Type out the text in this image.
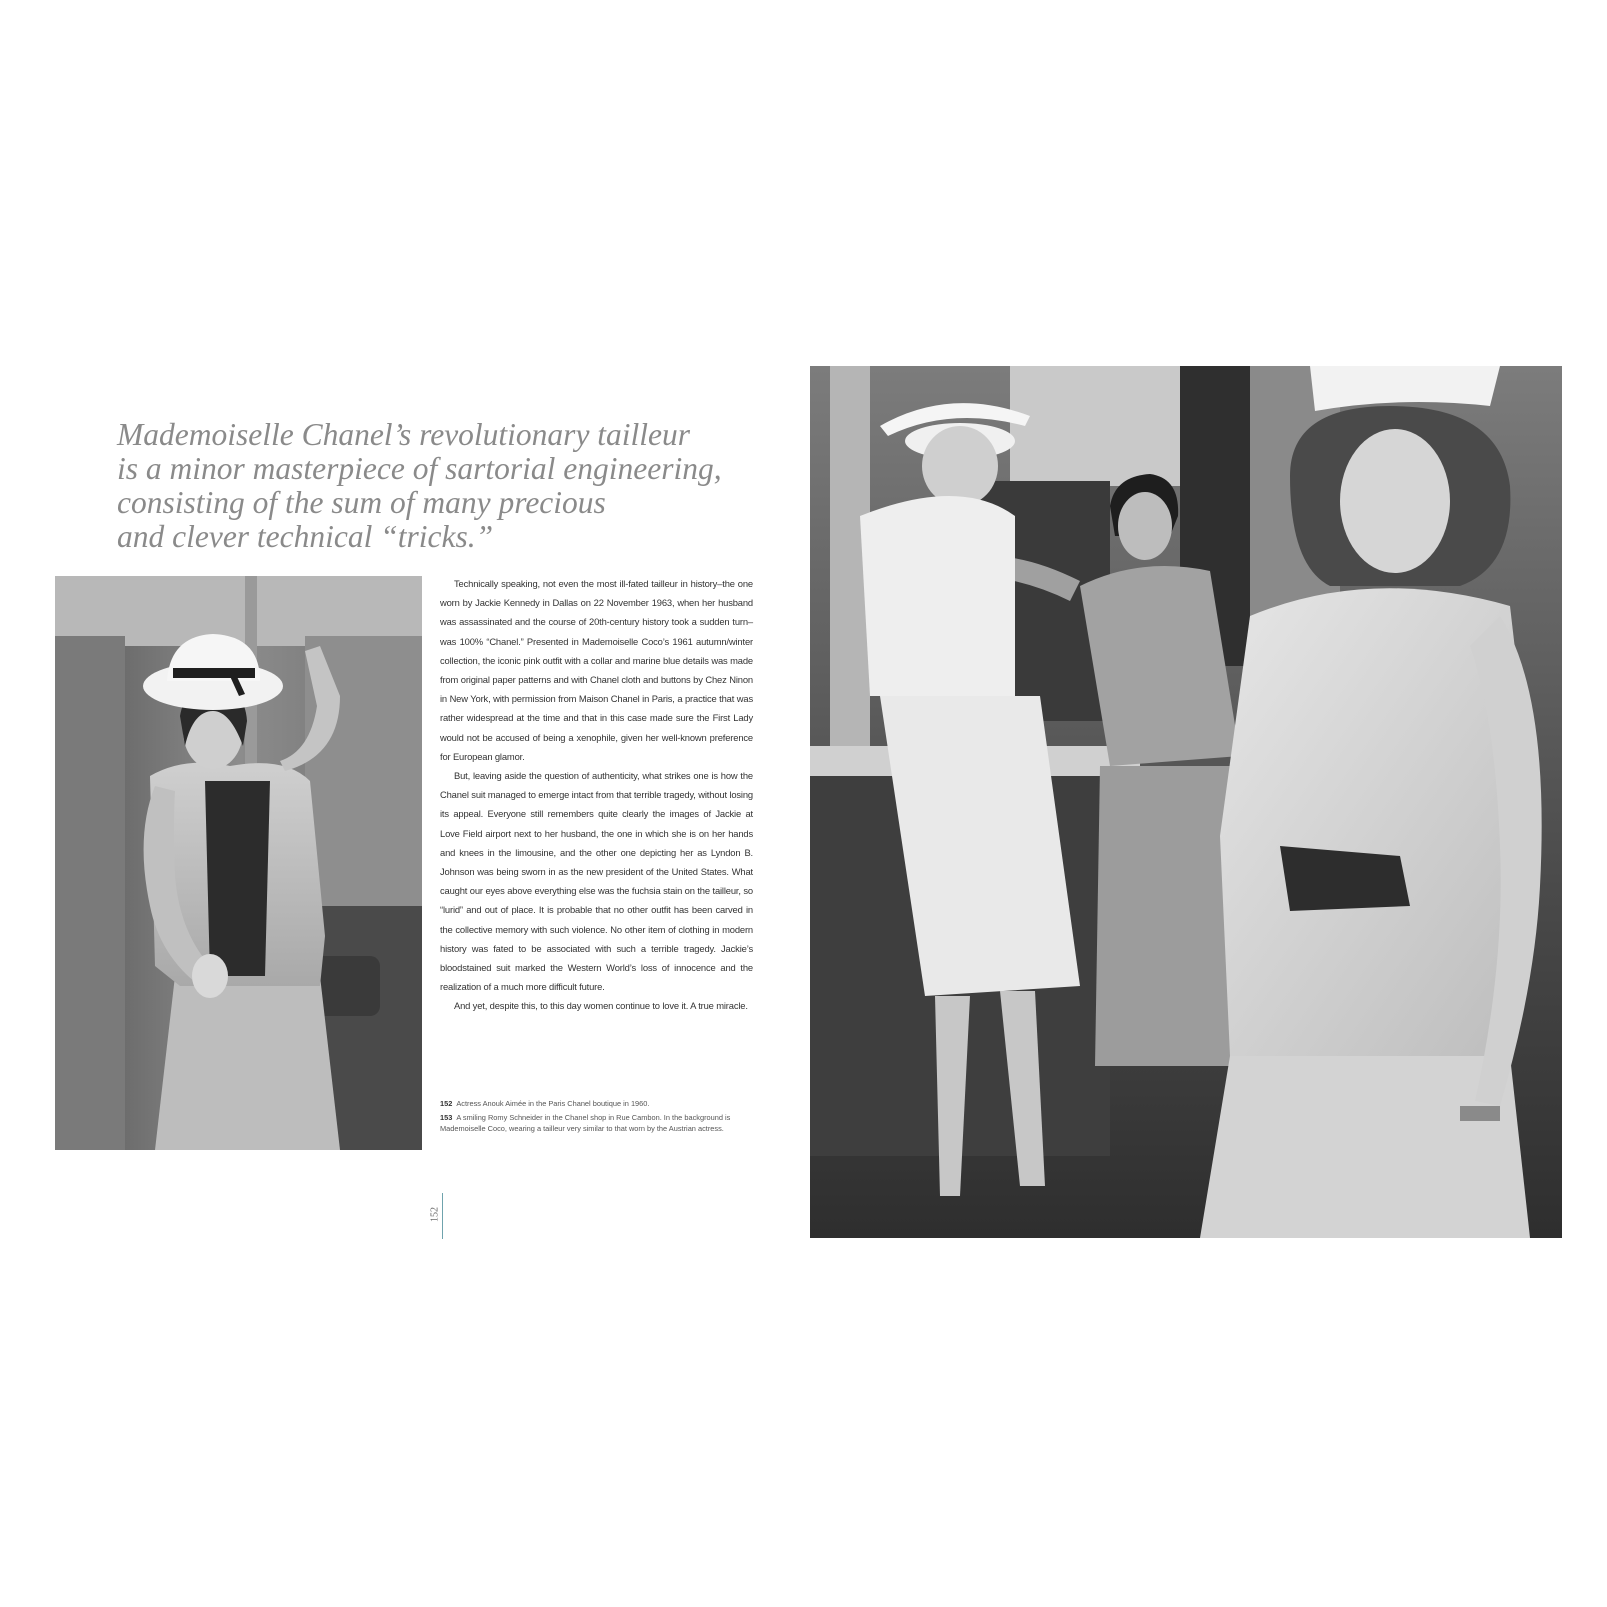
Mademoiselle Chanel’s revolutionary tailleur
is a minor masterpiece of sartorial engineering,
consisting of the sum of many precious
and clever technical “tricks.”

Technically speaking, not even the most ill-fated tailleur in history–the one worn by Jackie Kennedy in Dallas on 22 November 1963, when her husband was assassinated and the course of 20th-century history took a sudden turn–was 100% “Chanel.” Presented in Mademoiselle Coco’s 1961 autumn/winter collection, the iconic pink outfit with a collar and marine blue details was made from original paper patterns and with Chanel cloth and buttons by Chez Ninon in New York, with permission from Maison Chanel in Paris, a practice that was rather widespread at the time and that in this case made sure the First Lady would not be accused of being a xenophile, given her well-known preference for European glamor.

But, leaving aside the question of authenticity, what strikes one is how the Chanel suit managed to emerge intact from that terrible tragedy, without losing its appeal. Everyone still remembers quite clearly the images of Jackie at Love Field airport next to her husband, the one in which she is on her hands and knees in the limousine, and the other one depicting her as Lyndon B. Johnson was being sworn in as the new president of the United States. What caught our eyes above everything else was the fuchsia stain on the tailleur, so “lurid” and out of place. It is probable that no other outfit has been carved in the collective memory with such violence. No other item of clothing in modern history was fated to be associated with such a terrible tragedy. Jackie’s bloodstained suit marked the Western World’s loss of innocence and the realization of a much more difficult future.

And yet, despite this, to this day women continue to love it. A true miracle.

152 Actress Anouk Aimée in the Paris Chanel boutique in 1960.

153 A smiling Romy Schneider in the Chanel shop in Rue Cambon. In the background is Mademoiselle Coco, wearing a tailleur very similar to that worn by the Austrian actress.

152
